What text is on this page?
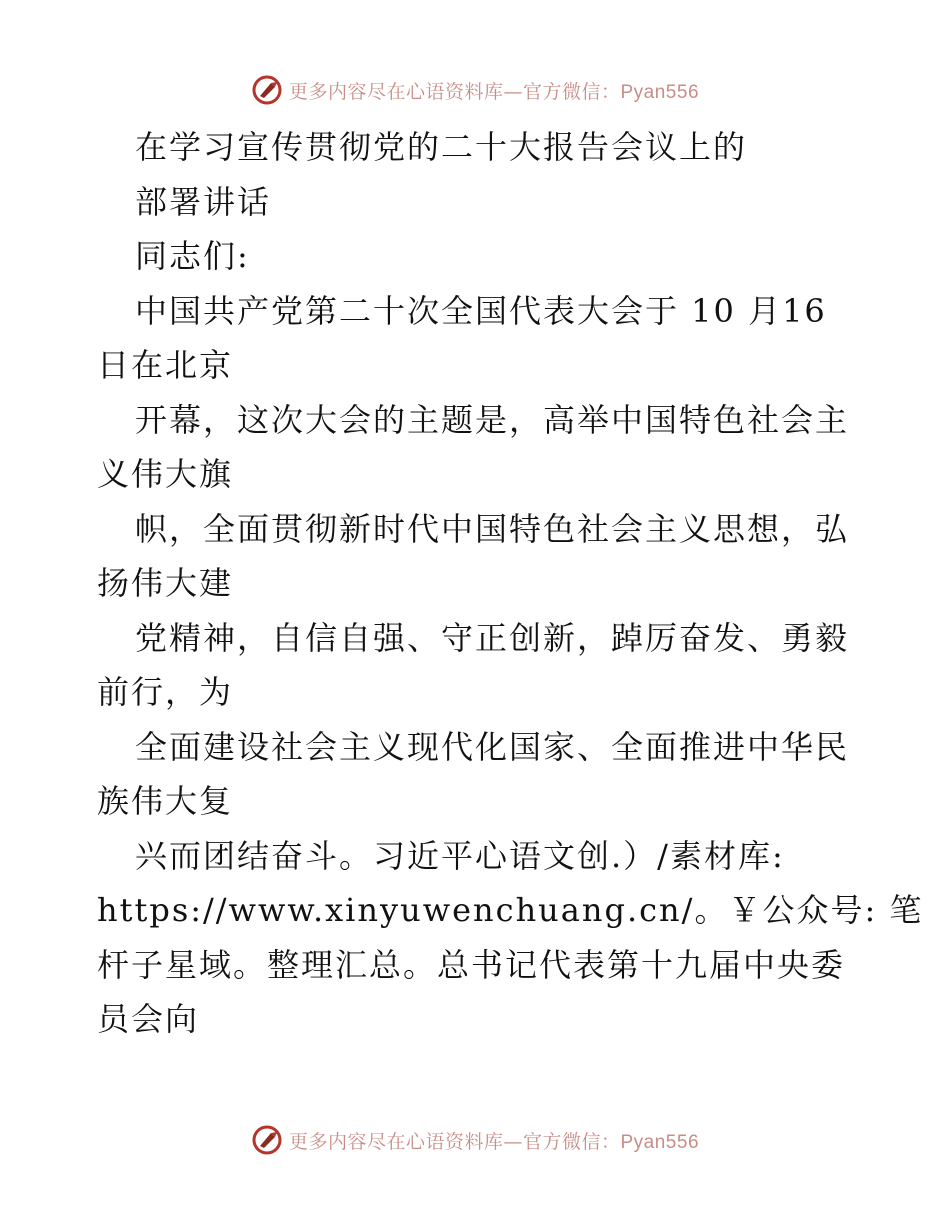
更多内容尽在心语资料库—官方微信：Pyan556
在学习宣传贯彻党的二十大报告会议上的
部署讲话
同志们:
中国共产党第二十次全国代表大会于 10 月16
日在北京
开幕，这次大会的主题是，高举中国特色社会主
义伟大旗
帜，全面贯彻新时代中国特色社会主义思想，弘
扬伟大建
党精神，自信自强、守正创新，踔厉奋发、勇毅
前行，为
全面建设社会主义现代化国家、全面推进中华民
族伟大复
兴而团结奋斗。习近平心语文创.）/素材库:
https://www.xinyuwenchuang.cn/。￥公众号: 笔
杆子星域。整理汇总。总书记代表第十九届中央委
员会向
更多内容尽在心语资料库—官方微信：Pyan556
